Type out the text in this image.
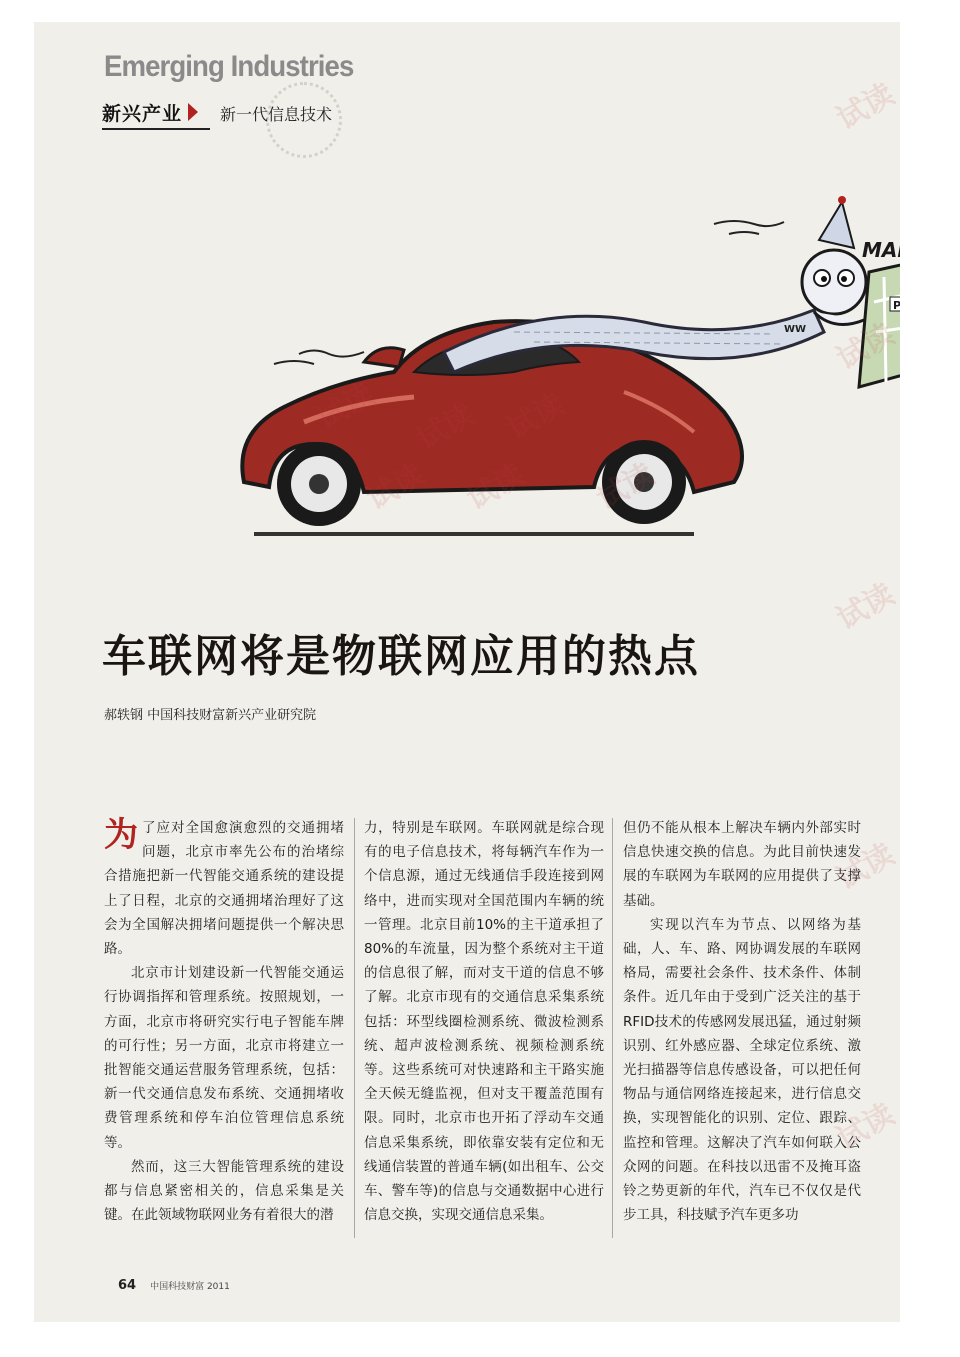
Emerging Industries
新兴产业 新一代信息技术
WW
P
MAP
试读
试读
试读
试读
车联网将是物联网应用的热点
郝轶钢 中国科技财富新兴产业研究院

为了应对全国愈演愈烈的交通拥堵问题，北京市率先公布的治堵综合措施把新一代智能交通系统的建设提上了日程，北京的交通拥堵治理好了这会为全国解决拥堵问题提供一个解决思路。

北京市计划建设新一代智能交通运行协调指挥和管理系统。按照规划，一方面，北京市将研究实行电子智能车牌的可行性；另一方面，北京市将建立一批智能交通运营服务管理系统，包括：新一代交通信息发布系统、交通拥堵收费管理系统和停车泊位管理信息系统等。

然而，这三大智能管理系统的建设都与信息紧密相关的，信息采集是关键。在此领域物联网业务有着很大的潜

力，特别是车联网。车联网就是综合现有的电子信息技术，将每辆汽车作为一个信息源，通过无线通信手段连接到网络中，进而实现对全国范围内车辆的统一管理。北京目前10%的主干道承担了80%的车流量，因为整个系统对主干道的信息很了解，而对支干道的信息不够了解。北京市现有的交通信息采集系统包括：环型线圈检测系统、微波检测系统、超声波检测系统、视频检测系统等。这些系统可对快速路和主干路实施全天候无缝监视，但对支干覆盖范围有限。同时，北京市也开拓了浮动车交通信息采集系统，即依靠安装有定位和无线通信装置的普通车辆(如出租车、公交车、警车等)的信息与交通数据中心进行信息交换，实现交通信息采集。

但仍不能从根本上解决车辆内外部实时信息快速交换的信息。为此目前快速发展的车联网为车联网的应用提供了支撑基础。

实现以汽车为节点、以网络为基础，人、车、路、网协调发展的车联网格局，需要社会条件、技术条件、体制条件。近几年由于受到广泛关注的基于RFID技术的传感网发展迅猛，通过射频识别、红外感应器、全球定位系统、激光扫描器等信息传感设备，可以把任何物品与通信网络连接起来，进行信息交换，实现智能化的识别、定位、跟踪、监控和管理。这解决了汽车如何联入公众网的问题。在科技以迅雷不及掩耳盗铃之势更新的年代，汽车已不仅仅是代步工具，科技赋予汽车更多功

64 中国科技财富 2011
